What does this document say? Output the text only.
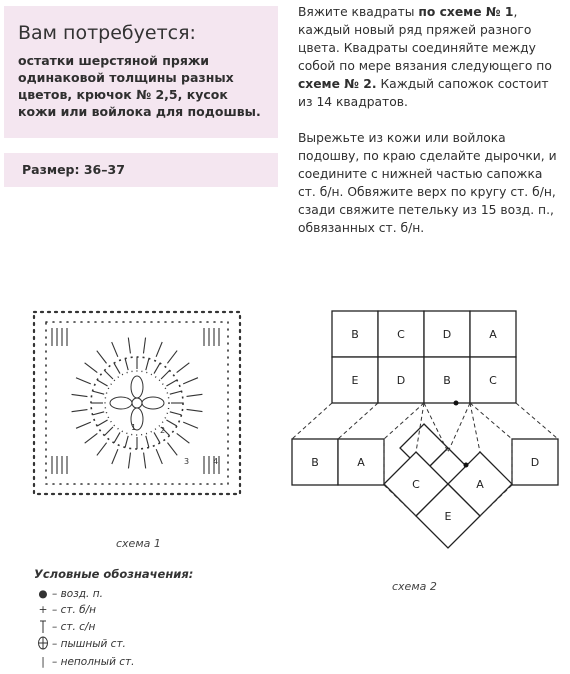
Вам потребуется:
остатки шерстяной пряжи одинаковой толщины разных цветов, крючок № 2,5, кусок кожи или войлока для подошвы.
Размер: 36–37

Вяжите квадраты по схеме № 1, каждый новый ряд пряжей разного цвета. Квадраты соединяйте между собой по мере вязания следующего по схеме № 2. Каждый сапожок состоит из 14 квадратов.

Вырежьте из кожи или войлока подошву, по краю сделайте дырочки, и соедините с нижней частью сапожка ст. б/н. Обвяжите верх по кругу ст. б/н, сзади свяжите петельку из 15 возд. п., обвязанных ст. б/н.

1	2
3	4
схема 1
B	C	D	A
E	D	B	C
B	A
C	A
E
D
схема 2
Условные обозначения:
● – возд. п.
+ – ст. б/н
– ст. с/н
– пышный ст.
| – неполный ст.
